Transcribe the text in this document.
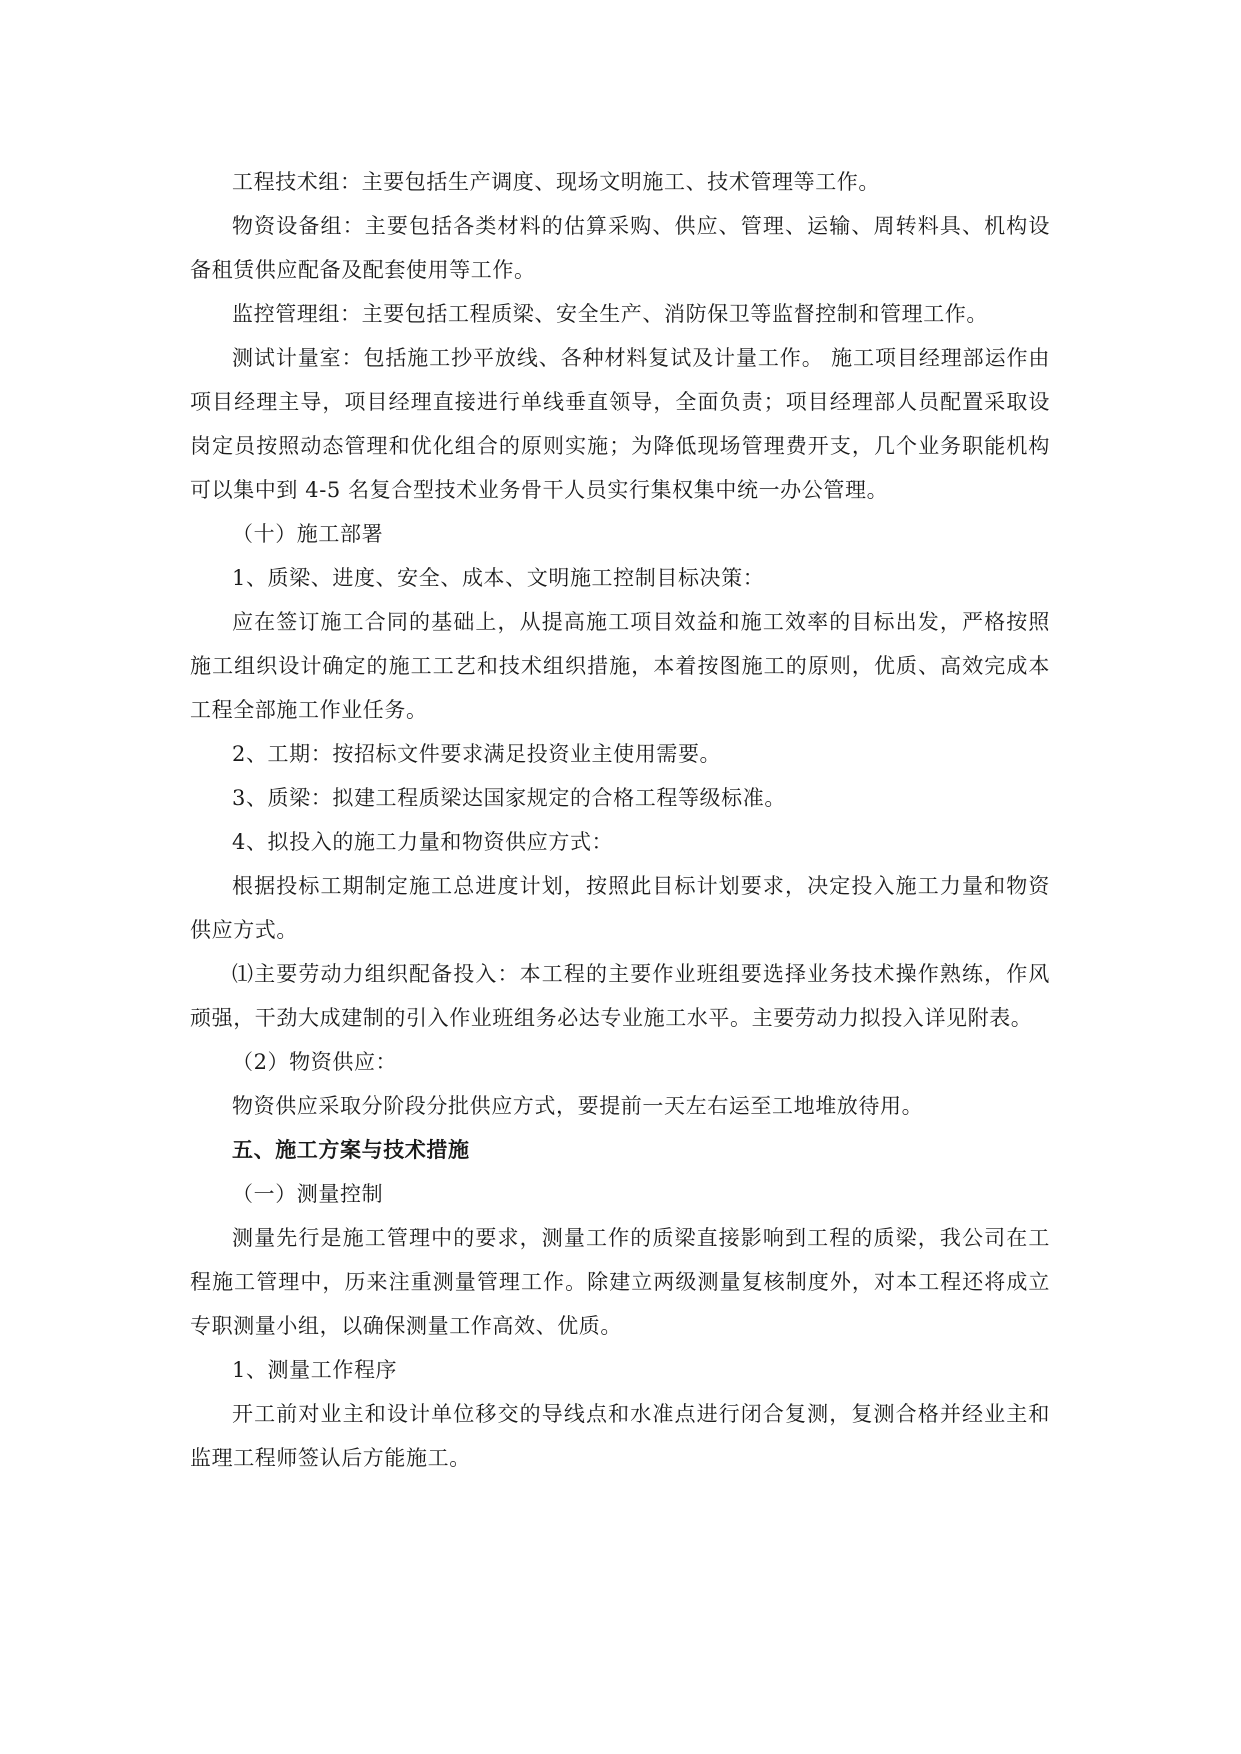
工程技术组：主要包括生产调度、现场文明施工、技术管理等工作。

物资设备组：主要包括各类材料的估算采购、供应、管理、运输、周转料具、机构设备租赁供应配备及配套使用等工作。

监控管理组：主要包括工程质梁、安全生产、消防保卫等监督控制和管理工作。

测试计量室：包括施工抄平放线、各种材料复试及计量工作。 施工项目经理部运作由项目经理主导，项目经理直接进行单线垂直领导，全面负责；项目经理部人员配置采取设岗定员按照动态管理和优化组合的原则实施；为降低现场管理费开支，几个业务职能机构可以集中到 4-5 名复合型技术业务骨干人员实行集权集中统一办公管理。

（十）施工部署

1、质梁、进度、安全、成本、文明施工控制目标决策：

应在签订施工合同的基础上，从提高施工项目效益和施工效率的目标出发，严格按照施工组织设计确定的施工工艺和技术组织措施，本着按图施工的原则，优质、高效完成本工程全部施工作业任务。

2、工期：按招标文件要求满足投资业主使用需要。

3、质梁：拟建工程质梁达国家规定的合格工程等级标准。

4、拟投入的施工力量和物资供应方式：

根据投标工期制定施工总进度计划，按照此目标计划要求，决定投入施工力量和物资供应方式。

⑴主要劳动力组织配备投入：本工程的主要作业班组要选择业务技术操作熟练，作风顽强，干劲大成建制的引入作业班组务必达专业施工水平。主要劳动力拟投入详见附表。

（2）物资供应：

物资供应采取分阶段分批供应方式，要提前一天左右运至工地堆放待用。

五、施工方案与技术措施

（一）测量控制

测量先行是施工管理中的要求，测量工作的质梁直接影响到工程的质梁，我公司在工程施工管理中，历来注重测量管理工作。除建立两级测量复核制度外，对本工程还将成立专职测量小组，以确保测量工作高效、优质。

1、测量工作程序

开工前对业主和设计单位移交的导线点和水准点进行闭合复测，复测合格并经业主和监理工程师签认后方能施工。
